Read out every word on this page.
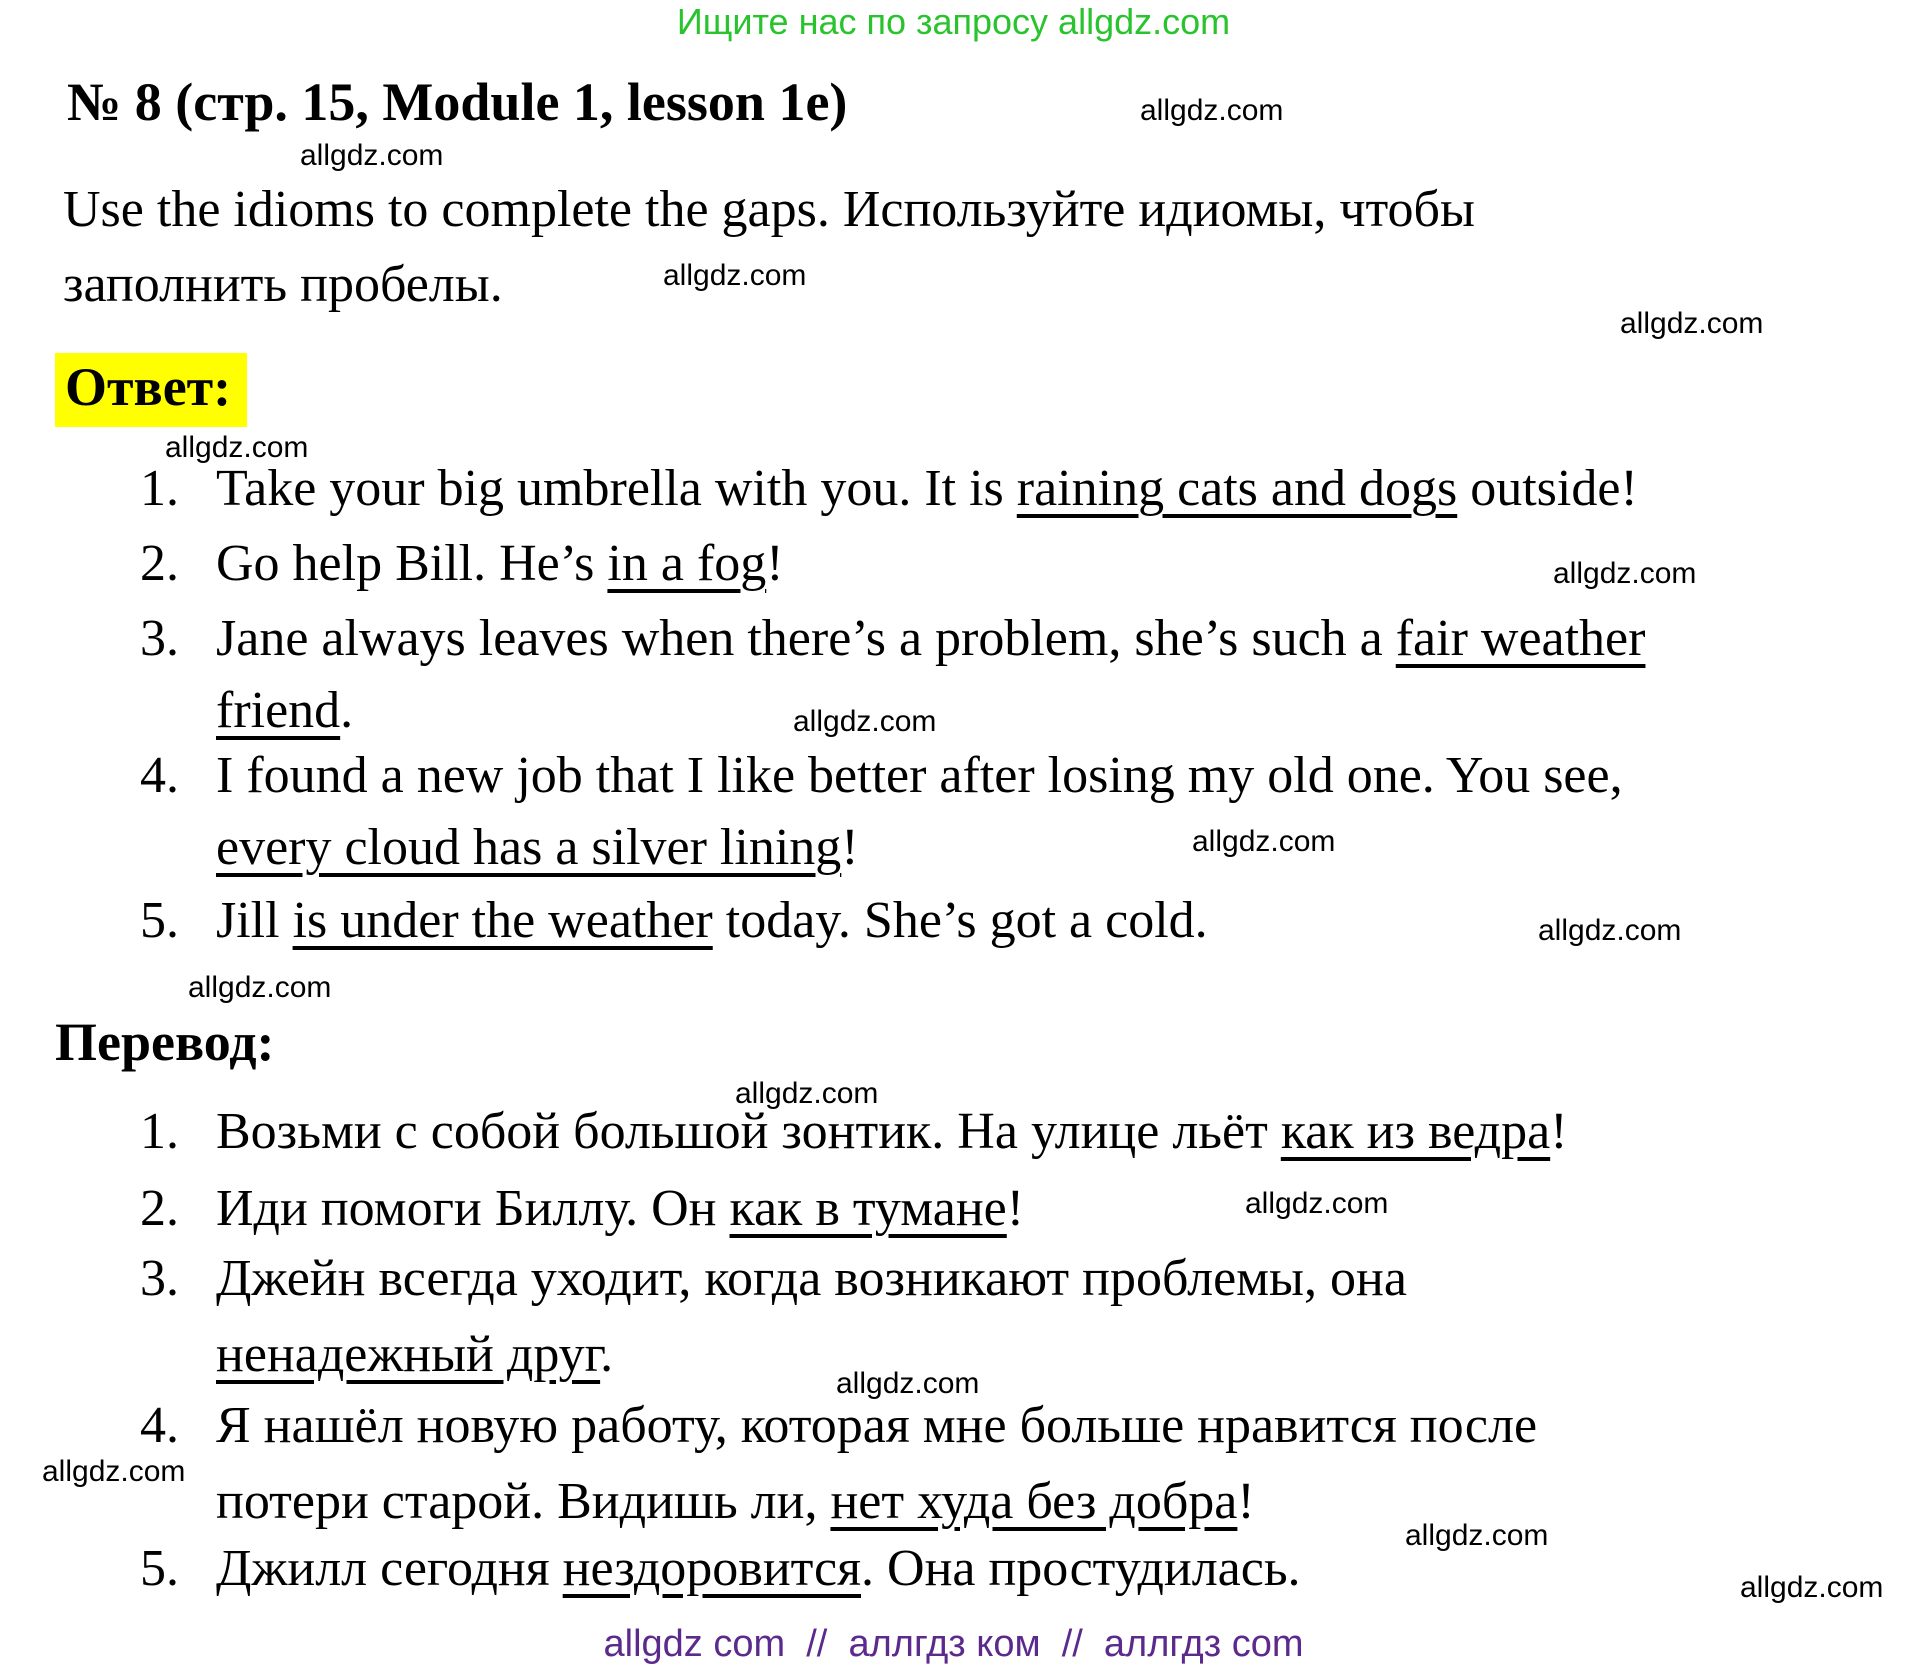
Ищите нас по запросу allgdz.com
№ 8 (стр. 15, Module 1, lesson 1e)	allgdz.com
allgdz.com
Use the idioms to complete the gaps. Используйте идиомы, чтобы
заполнить пробелы.	allgdz.com
allgdz.com
Ответ:
allgdz.com
1. Take your big umbrella with you. It is raining cats and dogs outside!
2. Go help Bill. He’s in a fog!
3. Jane always leaves when there’s a problem, she’s such a fair weather
friend.
4. I found a new job that I like better after losing my old one. You see,
every cloud has a silver lining!
5. Jill is under the weather today. She’s got a cold.
allgdz.com
allgdz.com
allgdz.com
allgdz.com
allgdz.com
Перевод:
allgdz.com
1. Возьми с собой большой зонтик. На улице льёт как из ведра!
2. Иди помоги Биллу. Он как в тумане!
3. Джейн всегда уходит, когда возникают проблемы, она
ненадежный друг.
4. Я нашёл новую работу, которая мне больше нравится после
потери старой. Видишь ли, нет худа без добра!
5. Джилл сегодня нездоровится. Она простудилась.
allgdz.com
allgdz.com
allgdz.com
allgdz.com
allgdz.com
allgdz com  //  аллгдз ком  //  аллгдз com
